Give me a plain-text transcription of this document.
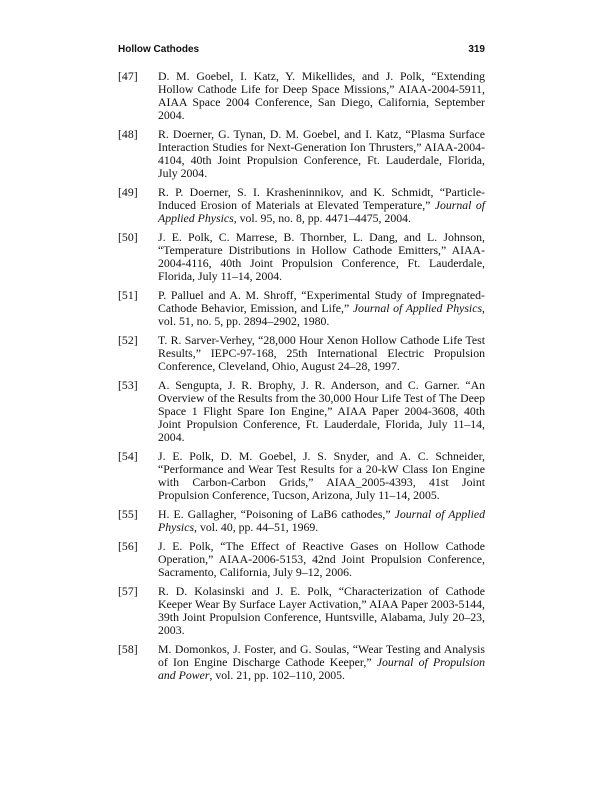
Hollow Cathodes	319
[47] D. M. Goebel, I. Katz, Y. Mikellides, and J. Polk, “Extending Hollow Cathode Life for Deep Space Missions,” AIAA-2004-5911, AIAA Space 2004 Conference, San Diego, California, September 2004.
[48] R. Doerner, G. Tynan, D. M. Goebel, and I. Katz, “Plasma Surface Interaction Studies for Next-Generation Ion Thrusters,” AIAA-2004-4104, 40th Joint Propulsion Conference, Ft. Lauderdale, Florida, July 2004.
[49] R. P. Doerner, S. I. Krasheninnikov, and K. Schmidt, “Particle-Induced Erosion of Materials at Elevated Temperature,” Journal of Applied Physics, vol. 95, no. 8, pp. 4471–4475, 2004.
[50] J. E. Polk, C. Marrese, B. Thornber, L. Dang, and L. Johnson, “Temperature Distributions in Hollow Cathode Emitters,” AIAA-2004-4116, 40th Joint Propulsion Conference, Ft. Lauderdale, Florida, July 11–14, 2004.
[51] P. Palluel and A. M. Shroff, “Experimental Study of Impregnated-Cathode Behavior, Emission, and Life,” Journal of Applied Physics, vol. 51, no. 5, pp. 2894–2902, 1980.
[52] T. R. Sarver-Verhey, “28,000 Hour Xenon Hollow Cathode Life Test Results,” IEPC-97-168, 25th International Electric Propulsion Conference, Cleveland, Ohio, August 24–28, 1997.
[53] A. Sengupta, J. R. Brophy, J. R. Anderson, and C. Garner. “An Overview of the Results from the 30,000 Hour Life Test of The Deep Space 1 Flight Spare Ion Engine,” AIAA Paper 2004-3608, 40th Joint Propulsion Conference, Ft. Lauderdale, Florida, July 11–14, 2004.
[54] J. E. Polk, D. M. Goebel, J. S. Snyder, and A. C. Schneider, “Performance and Wear Test Results for a 20-kW Class Ion Engine with Carbon-Carbon Grids,” AIAA_2005-4393, 41st Joint Propulsion Conference, Tucson, Arizona, July 11–14, 2005.
[55] H. E. Gallagher, “Poisoning of LaB6 cathodes,” Journal of Applied Physics, vol. 40, pp. 44–51, 1969.
[56] J. E. Polk, “The Effect of Reactive Gases on Hollow Cathode Operation,” AIAA-2006-5153, 42nd Joint Propulsion Conference, Sacramento, California, July 9–12, 2006.
[57] R. D. Kolasinski and J. E. Polk, “Characterization of Cathode Keeper Wear By Surface Layer Activation,” AIAA Paper 2003-5144, 39th Joint Propulsion Conference, Huntsville, Alabama, July 20–23, 2003.
[58] M. Domonkos, J. Foster, and G. Soulas, “Wear Testing and Analysis of Ion Engine Discharge Cathode Keeper,” Journal of Propulsion and Power, vol. 21, pp. 102–110, 2005.
